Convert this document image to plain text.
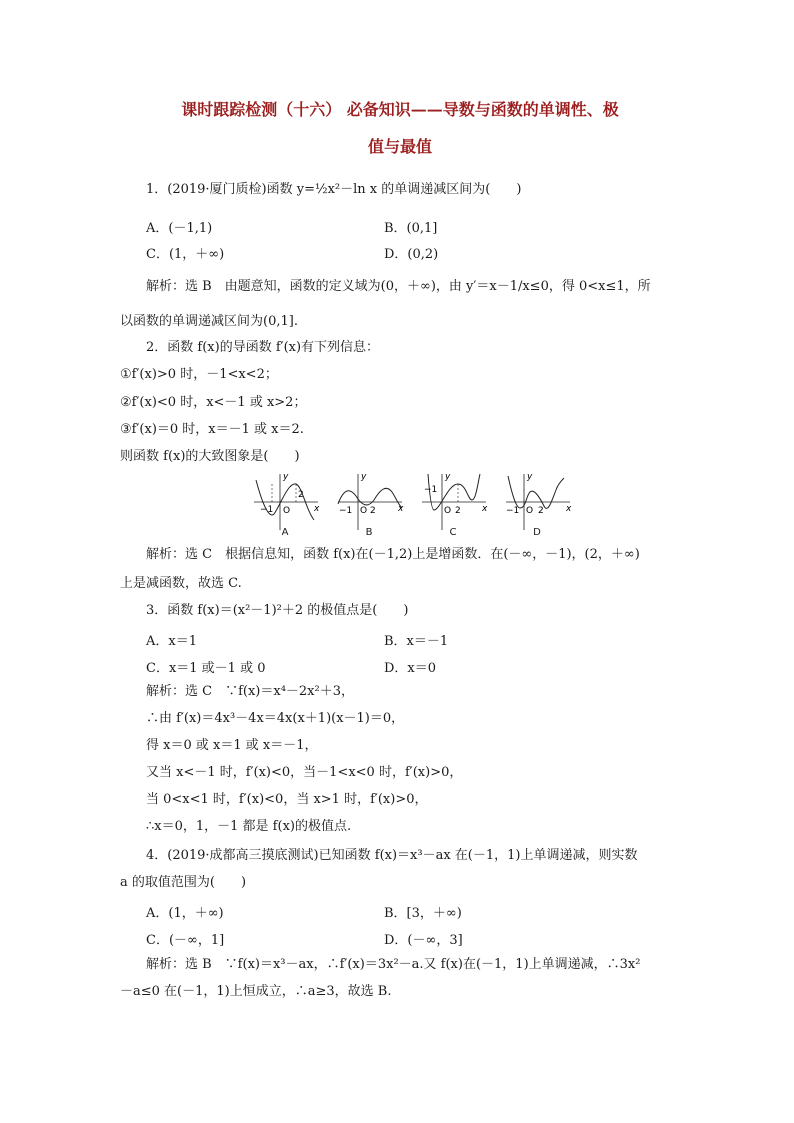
课时跟踪检测（十六） 必备知识——导数与函数的单调性、极
值与最值
1．(2019·厦门质检)函数 y=½x²－ln x 的单调递减区间为(　　)
A．(－1,1)	B．(0,1]
C．(1，＋∞)	D．(0,2)
解析：选 B　由题意知，函数的定义域为(0，＋∞)，由 y′＝x－1/x≤0，得 0<x≤1，所
以函数的单调递减区间为(0,1].
2．函数 f(x)的导函数 f′(x)有下列信息：
①f′(x)>0 时，－1<x<2；
②f′(x)<0 时，x<－1 或 x>2；
③f′(x)＝0 时，x＝－1 或 x＝2.
则函数 f(x)的大致图象是(　　)
−1 O
2
y
x
A
−1 O 2
y
x
B
−1
O 2
y
x
C
−1 O 2
y
x
D
解析：选 C　根据信息知，函数 f(x)在(－1,2)上是增函数．在(－∞，－1)，(2，＋∞)
上是减函数，故选 C.
3．函数 f(x)＝(x²－1)²＋2 的极值点是(　　)
A．x＝1	B．x＝－1
C．x＝1 或－1 或 0	D．x＝0
解析：选 C　∵f(x)＝x⁴－2x²＋3，
∴由 f′(x)＝4x³－4x＝4x(x＋1)(x－1)＝0，
得 x＝0 或 x＝1 或 x＝－1，
又当 x<－1 时，f′(x)<0，当－1<x<0 时，f′(x)>0，
当 0<x<1 时，f′(x)<0，当 x>1 时，f′(x)>0，
∴x＝0，1，－1 都是 f(x)的极值点.
4．(2019·成都高三摸底测试)已知函数 f(x)＝x³－ax 在(－1，1)上单调递减，则实数
a 的取值范围为(　　)
A．(1，＋∞)	B．[3，＋∞)
C．(－∞，1]	D．(－∞，3]
解析：选 B　∵f(x)＝x³－ax，∴f′(x)＝3x²－a.又 f(x)在(－1，1)上单调递减，∴3x²
－a≤0 在(－1，1)上恒成立，∴a≥3，故选 B.
